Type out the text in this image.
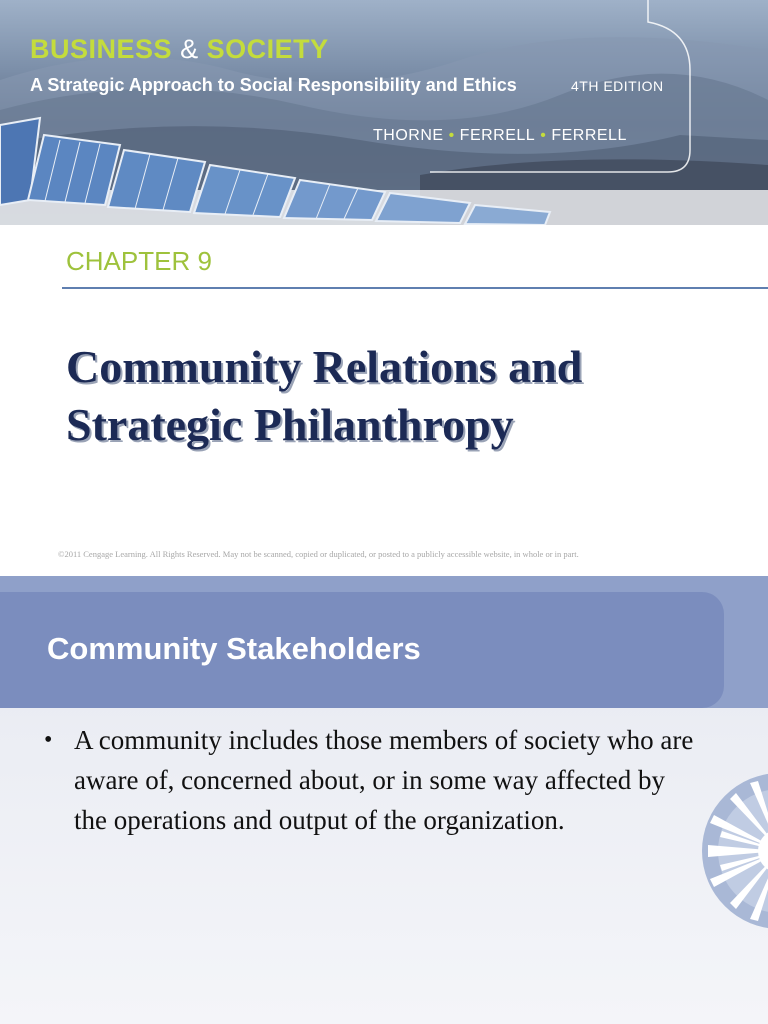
BUSINESS & SOCIETY
A Strategic Approach to Social Responsibility and Ethics	4TH EDITION
THORNE • FERRELL • FERRELL
CHAPTER 9
Community Relations and
Strategic Philanthropy
©2011 Cengage Learning. All Rights Reserved. May not be scanned, copied or duplicated, or posted to a publicly accessible website, in whole or in part.
Community Stakeholders
• A community includes those members of society who are aware of, concerned about, or in some way affected by the operations and output of the organization.
